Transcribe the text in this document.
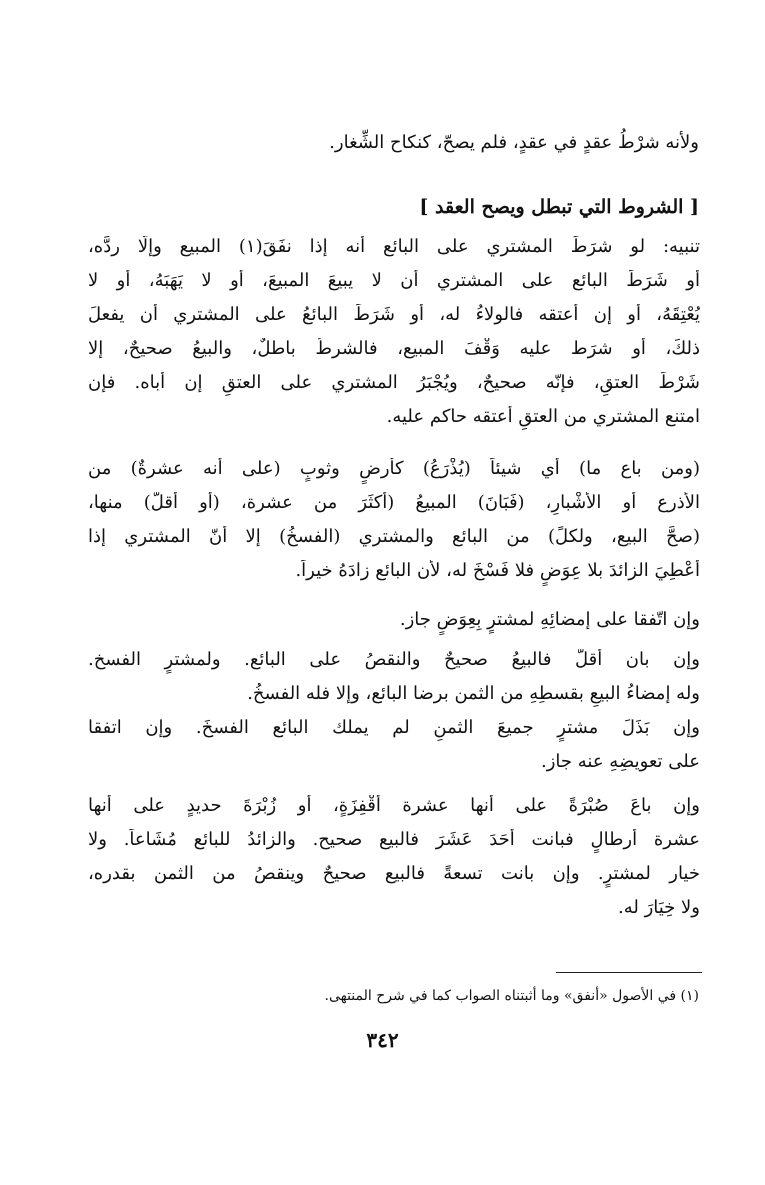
ولأنه شرْطُ عقدٍ في عقدٍ، فلم يصحّ، كنكاح الشِّغار.
[ الشروط التي تبطل ويصح العقد ]
تنبيه: لو شرَطَ المشتري على البائع أنه إذا نفَقَ(١) المبيع وإلّا ردَّه،
أو شَرَطَ البائع على المشتري أن لا يبيعَ المبيعَ، أو لا يَهَبَهُ، أو لا
يُعْتِقَهُ، أو إن أعتقه فالولاءُ له، أو شَرَطَ البائعُ على المشتري أن يفعلَ
ذلكَ، أو شرَط عليه وَقْفَ المبيع، فالشرطُ باطلٌ، والبيعُ صحيحٌ، إلا
شَرْطَ العتقِ، فإنّه صحيحٌ، ويُجْبَرُ المشتري على العتقِ إن أباه. فإن
امتنع المشتري من العتقِ أعتقه حاكم عليه.
(ومن باع ما) أي شيئاً (يُذْرَعُ) كأرضٍ وثوبٍ (على أنه عشرةٌ) من
الأذرع أو الأَشْبارِ، (فَبَانَ) المبيعُ (أكثَرَ من عشرة، (أو أقلَّ) منها،
(صحَّ البيع، ولكلٍّ) من البائع والمشتري (الفسخُ) إلا أنّ المشتري إذا
أُعْطِيَ الزائدَ بلا عِوَضٍ فلا فَسْخَ له، لأن البائع زادَهُ خيراً.
وإن اتّفقا على إمضائِهِ لمشترٍ بِعِوَضٍ جاز.
وإن بان أقلَّ فالبيعُ صحيحٌ والنقصُ على البائع. ولمشترٍ الفسخ.
وله إمضاءُ البيعِ بقسطِهِ من الثمن برضا البائع، وإلا فله الفسخُ.
وإن بَذَلَ مشترٍ جميعَ الثمنِ لم يملك البائع الفسخَ. وإن اتفقا
على تعويضِهِ عنه جاز.
وإن باعَ صُبْرَةً على أنها عشرة أَقْفِزَةٍ، أو زُبْرَةَ حديدٍ على أنها
عشرة أرطالٍ فبانت أَحَدَ عَشَرَ فالبيع صحيح. والزائدُ للبائع مُشَاعاً. ولا
خيار لمشترٍ. وإن بانت تسعةً فالبيع صحيحٌ وينقصُ من الثمن بقدره،
ولا خِيَارَ له.
(١) في الأصول «أنفق» وما أثبتناه الصواب كما في شرح المنتهى.
٣٤٢
